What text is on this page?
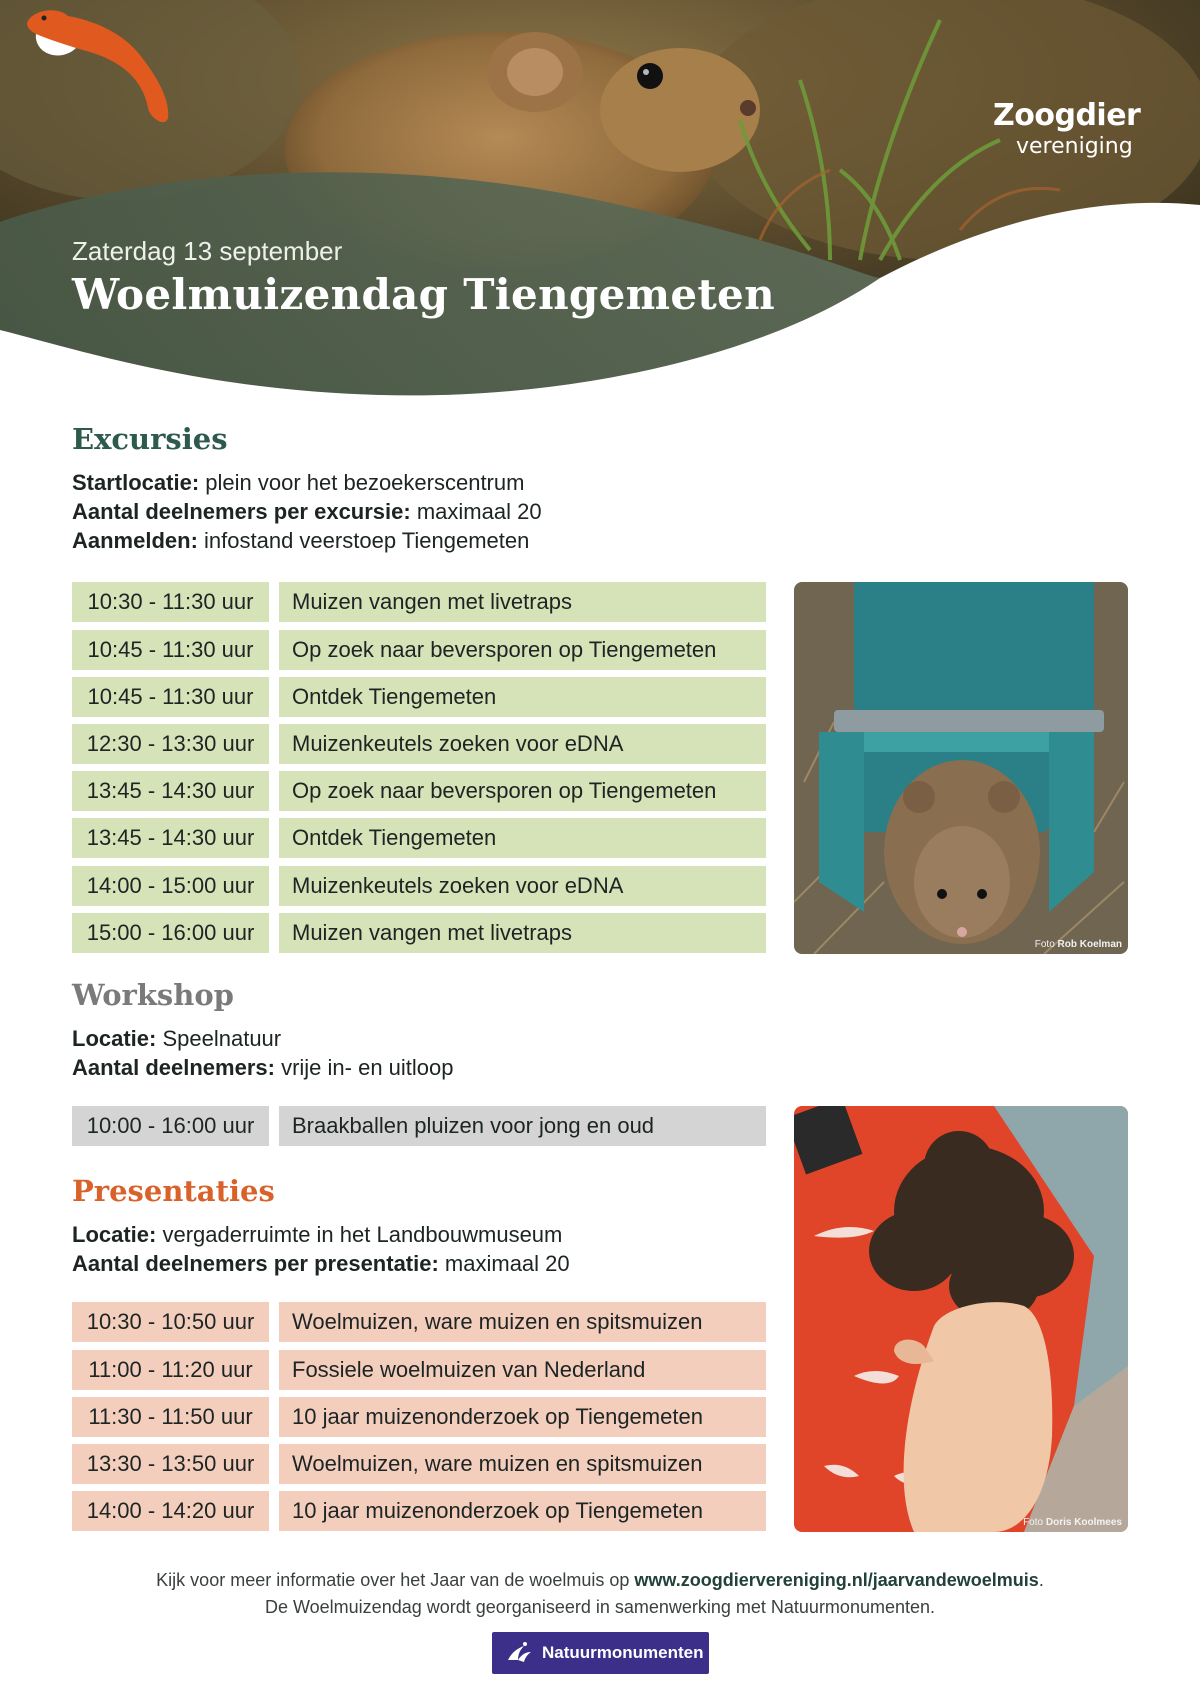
Zaterdag 13 september
Woelmuizendag Tiengemeten
Zoogdier
vereniging
Excursies
Startlocatie: plein voor het bezoekerscentrum
Aantal deelnemers per excursie: maximaal 20
Aanmelden: infostand veerstoep Tiengemeten
10:30 - 11:30 uur	Muizen vangen met livetraps
10:45 - 11:30 uur	Op zoek naar beversporen op Tiengemeten
10:45 - 11:30 uur	Ontdek Tiengemeten
12:30 - 13:30 uur	Muizenkeutels zoeken voor eDNA
13:45 - 14:30 uur	Op zoek naar beversporen op Tiengemeten
13:45 - 14:30 uur	Ontdek Tiengemeten
14:00 - 15:00 uur	Muizenkeutels zoeken voor eDNA
15:00 - 16:00 uur	Muizen vangen met livetraps	Foto Rob Koelman
Workshop
Locatie: Speelnatuur
Aantal deelnemers: vrije in- en uitloop
10:00 - 16:00 uur	Braakballen pluizen voor jong en oud
Presentaties
Locatie: vergaderruimte in het Landbouwmuseum
Aantal deelnemers per presentatie: maximaal 20
10:30 - 10:50 uur	Woelmuizen, ware muizen en spitsmuizen
11:00 - 11:20 uur	Fossiele woelmuizen van Nederland
11:30 - 11:50 uur	10 jaar muizenonderzoek op Tiengemeten
13:30 - 13:50 uur	Woelmuizen, ware muizen en spitsmuizen
14:00 - 14:20 uur	10 jaar muizenonderzoek op Tiengemeten	Foto Doris Koolmees
Kijk voor meer informatie over het Jaar van de woelmuis op www.zoogdiervereniging.nl/jaarvandewoelmuis.
De Woelmuizendag wordt georganiseerd in samenwerking met Natuurmonumenten.
Natuurmonumenten
